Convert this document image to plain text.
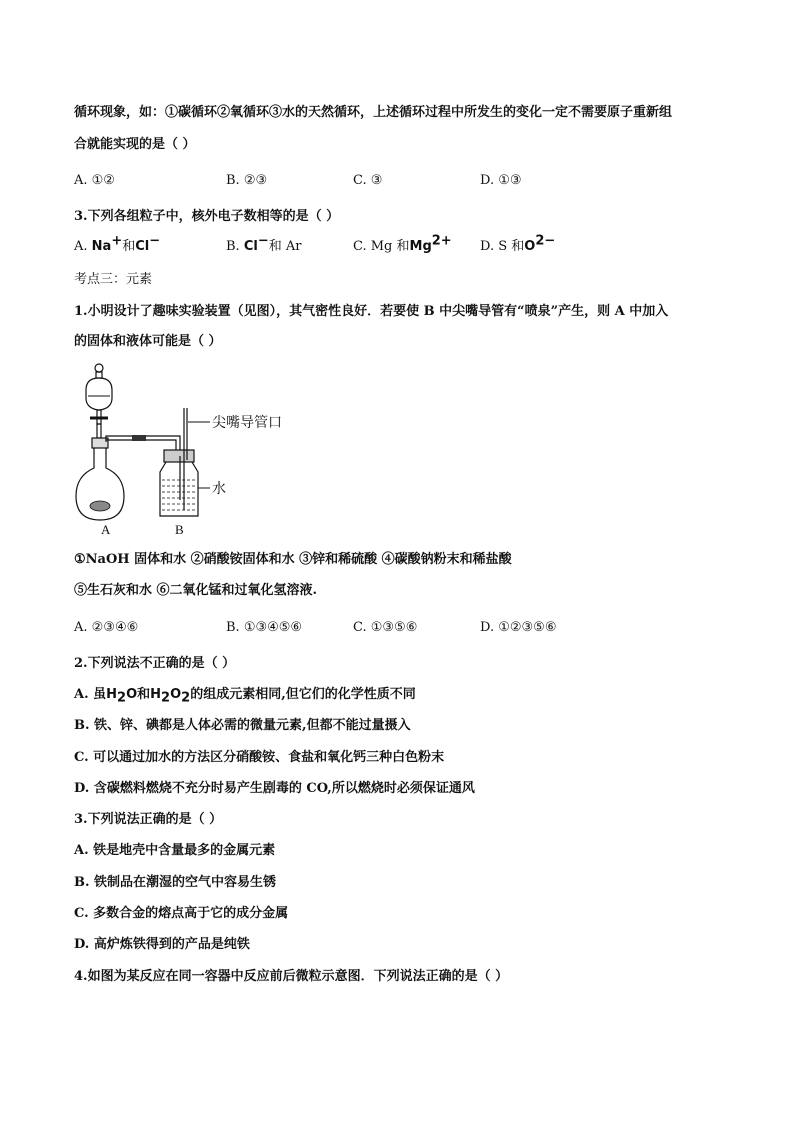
循环现象，如：①碳循环②氧循环③水的天然循环，上述循环过程中所发生的变化一定不需要原子重新组
合就能实现的是（ ）
A. ①②	B. ②③	C. ③	D. ①③
3.下列各组粒子中，核外电子数相等的是（ ）
A. Na+和Cl−	B. Cl−和 Ar	C. Mg 和$Mg^{2+}$ D. S 和$O^{2-}$
考点三：元素
1.小明设计了趣味实验装置（见图），其气密性良好．若要使 B 中尖嘴导管有“喷泉”产生，则 A 中加入
的固体和液体可能是（ ）
尖嘴导管口
水
A	B
①NaOH 固体和水 ②硝酸铵固体和水 ③锌和稀硫酸 ④碳酸钠粉末和稀盐酸
⑤生石灰和水 ⑥二氧化锰和过氧化氢溶液.
A. ②③④⑥	B. ①③④⑤⑥	C. ①③⑤⑥	D. ①②③⑤⑥
2.下列说法不正确的是（ ）
A. 虽$H_2O$和$H_2O_2$的组成元素相同,但它们的化学性质不同
B. 铁、锌、碘都是人体必需的微量元素,但都不能过量摄入
C. 可以通过加水的方法区分硝酸铵、食盐和氧化钙三种白色粉末
D. 含碳燃料燃烧不充分时易产生剧毒的 CO,所以燃烧时必须保证通风
3.下列说法正确的是（ ）
A. 铁是地壳中含量最多的金属元素
B. 铁制品在潮湿的空气中容易生锈
C. 多数合金的熔点高于它的成分金属
D. 高炉炼铁得到的产品是纯铁
4.如图为某反应在同一容器中反应前后微粒示意图．下列说法正确的是（ ）
